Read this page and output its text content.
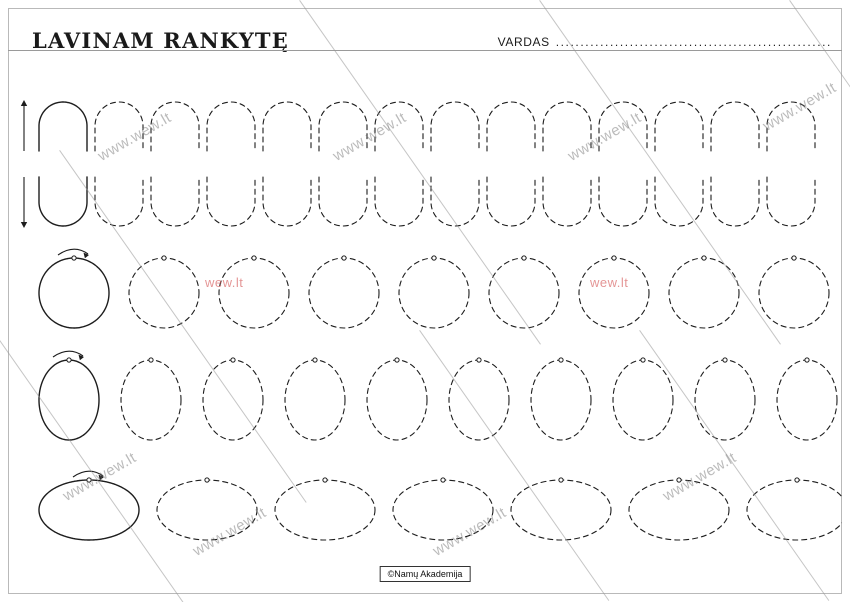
LAVINAM RANKYTĘ	VARDAS ........................................................
www.wew.lt	www.wew.lt	www.wew.lt
www.wew.lt
wew.lt	wew.lt
www.wew.lt
www.wew.lt	www.wew.lt
www.wew.lt
©Namų Akademija
